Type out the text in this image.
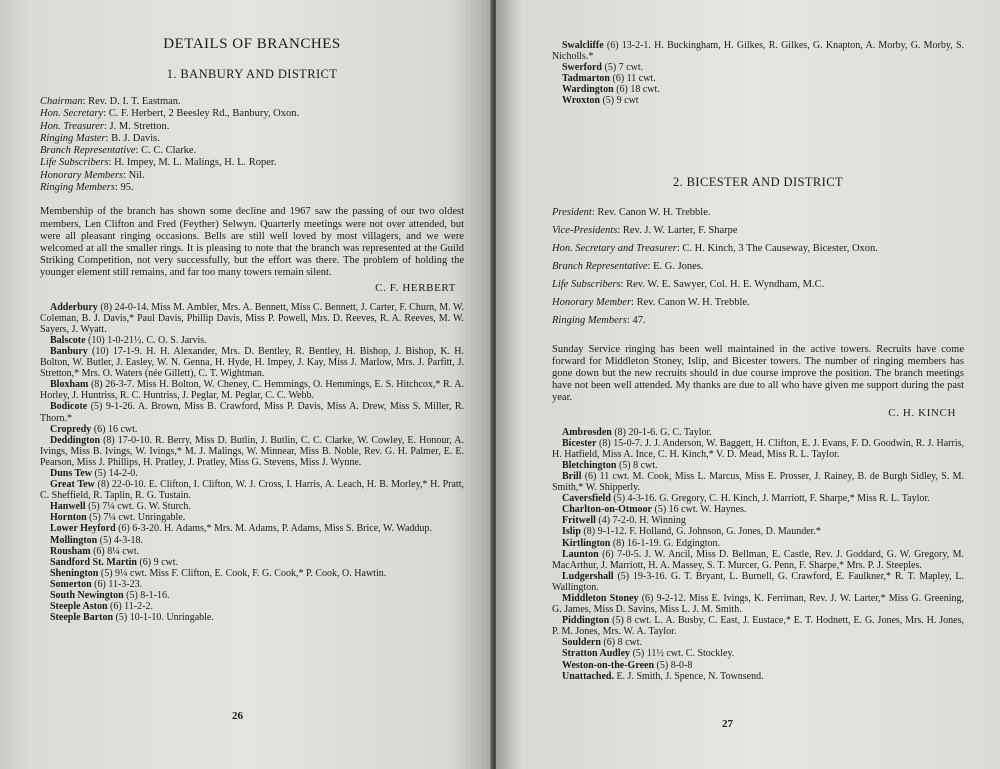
DETAILS OF BRANCHES
1. BANBURY AND DISTRICT
Chairman: Rev. D. I. T. Eastman.
Hon. Secretary: C. F. Herbert, 2 Beesley Rd., Banbury, Oxon.
Hon. Treasurer: J. M. Stretton.
Ringing Master: B. J. Davis.
Branch Representative: C. C. Clarke.
Life Subscribers: H. Impey, M. L. Malings, H. L. Roper.
Honorary Members: Nil.
Ringing Members: 95.

Membership of the branch has shown some decline and 1967 saw the passing of our two oldest members, Len Clifton and Fred (Feyther) Selwyn. Quarterly meetings were not over attended, but were all pleasant ringing occasions. Bells are still well loved by most villagers, and we were welcomed at all the smaller rings. It is pleasing to note that the branch was represented at the Guild Striking Competition, not very successfully, but the effort was there. The problem of holding the younger element still remains, and far too many towers remain silent.

C. F. HERBERT
Adderbury (8) 24-0-14. Miss M. Ambler, Mrs. A. Bennett, Miss C. Bennett, J. Carter, F. Churn, M. W. Coleman, B. J. Davis,* Paul Davis, Phillip Davis, Miss P. Powell, Mrs. D. Reeves, R. A. Reeves, M. W. Sayers, J. Wyatt.
Balscote (10) 1-0-21½. C. O. S. Jarvis.
Banbury (10) 17-1-9. H. H. Alexander, Mrs. D. Bentley, R. Bentley, H. Bishop, J. Bishop, K. H. Bolton, W. Butler, J. Easley, W. N. Genna, H. Hyde, H. Impey, J. Kay, Miss J. Marlow, Mrs. J. Parfitt, J. Stretton,* Mrs. O. Waters (née Gillett), C. T. Wightman.
Bloxham (8) 26-3-7. Miss H. Bolton, W. Cheney, C. Hemmings, O. Hemmings, E. S. Hitchcox,* R. A. Horley, J. Huntriss, R. C. Huntriss, J. Peglar, M. Peglar, C. C. Webb.
Bodicote (5) 9-1-26. A. Brown, Miss B. Crawford, Miss P. Davis, Miss A. Drew, Miss S. Miller, R. Thorn.*
Cropredy (6) 16 cwt.
Deddington (8) 17-0-10. R. Berry, Miss D. Butlin, J. Butlin, C. C. Clarke, W. Cowley, E. Honour, A. Ivings, Miss B. Ivings, W. Ivings,* M. J. Malings, W. Minnear, Miss B. Noble, Rev. G. H. Palmer, E. E. Pearson, Miss J. Phillips, H. Pratley, J. Pratley, Miss G. Stevens, Miss J. Wynne.
Duns Tew (5) 14-2-0.
Great Tew (8) 22-0-10. E. Clifton, I. Clifton, W. J. Cross, I. Harris, A. Leach, H. B. Morley,* H. Pratt, C. Sheffield, R. Taplin, R. G. Tustain.
Hanwell (5) 7¼ cwt. G. W. Sturch.
Hornton (5) 7¼ cwt. Unringable.
Lower Heyford (6) 6-3-20. H. Adams,* Mrs. M. Adams, P. Adams, Miss S. Brice, W. Waddup.
Mollington (5) 4-3-18.
Rousham (6) 8¼ cwt.
Sandford St. Martin (6) 9 cwt.
Shenington (5) 9¼ cwt. Miss F. Clifton, E. Cook, F. G. Cook,* P. Cook, O. Hawtin.
Somerton (6) 11-3-23.
South Newington (5) 8-1-16.
Steeple Aston (6) 11-2-2.
Steeple Barton (5) 10-1-10. Unringable.
26
Swalcliffe (6) 13-2-1. H. Buckingham, H. Gilkes, R. Gilkes, G. Knapton, A. Morby, G. Morby, S. Nicholls.*
Swerford (5) 7 cwt.
Tadmarton (6) 11 cwt.
Wardington (6) 18 cwt.
Wroxton (5) 9 cwt
2. BICESTER AND DISTRICT
President: Rev. Canon W. H. Trebble.
Vice-Presidents: Rev. J. W. Larter, F. Sharpe
Hon. Secretary and Treasurer: C. H. Kinch, 3 The Causeway, Bicester, Oxon.
Branch Representative: E. G. Jones.
Life Subscribers: Rev. W. E. Sawyer, Col. H. E. Wyndham, M.C.
Honorary Member: Rev. Canon W. H. Trebble.
Ringing Members: 47.

Sunday Service ringing has been well maintained in the active towers. Recruits have come forward for Middleton Stoney, Islip, and Bicester towers. The number of ringing members has gone down but the new recruits should in due course improve the position. The branch meetings have not been well attended. My thanks are due to all who have given me support during the past year.

C. H. KINCH
Ambrosden (8) 20-1-6. G. C. Taylor.
Bicester (8) 15-0-7. J. J. Anderson, W. Baggett, H. Clifton, E. J. Evans, F. D. Goodwin, R. J. Harris, H. Hatfield, Miss A. Ince, C. H. Kinch,* V. D. Mead, Miss R. L. Taylor.
Bletchington (5) 8 cwt.
Brill (6) 11 cwt. M. Cook, Miss L. Marcus, Miss E. Prosser, J. Rainey, B. de Burgh Sidley, S. M. Smith,* W. Shipperly.
Caversfield (5) 4-3-16. G. Gregory, C. H. Kinch, J. Marriott, F. Sharpe,* Miss R. L. Taylor.
Charlton-on-Otmoor (5) 16 cwt. W. Haynes.
Fritwell (4) 7-2-0. H. Winning
Islip (8) 9-1-12. F. Holland, G. Johnson, G. Jones, D. Maunder.*
Kirtlington (8) 16-1-19. G. Edgington.
Launton (6) 7-0-5. J. W. Ancil, Miss D. Bellman, E. Castle, Rev. J. Goddard, G. W. Gregory, M. MacArthur, J. Marriott, H. A. Massey, S. T. Murcer, G. Penn, F. Sharpe,* Mrs. P. J. Steeples.
Ludgershall (5) 19-3-16. G. T. Bryant, L. Burnell, G. Crawford, E. Faulkner,* R. T. Mapley, L. Wallington.
Middleton Stoney (6) 9-2-12. Miss E. Ivings, K. Ferriman, Rev. J. W. Larter,* Miss G. Greening, G. James, Miss D. Savins, Miss L. J. M. Smith.
Piddington (5) 8 cwt. L. A. Busby, C. East, J. Eustace,* E. T. Hodnett, E. G. Jones, Mrs. H. Jones, P. M. Jones, Mrs. W. A. Taylor.
Souldern (6) 8 cwt.
Stratton Audley (5) 11½ cwt. C. Stockley.
Weston-on-the-Green (5) 8-0-8
Unattached. E. J. Smith, J. Spence, N. Townsend.
27
